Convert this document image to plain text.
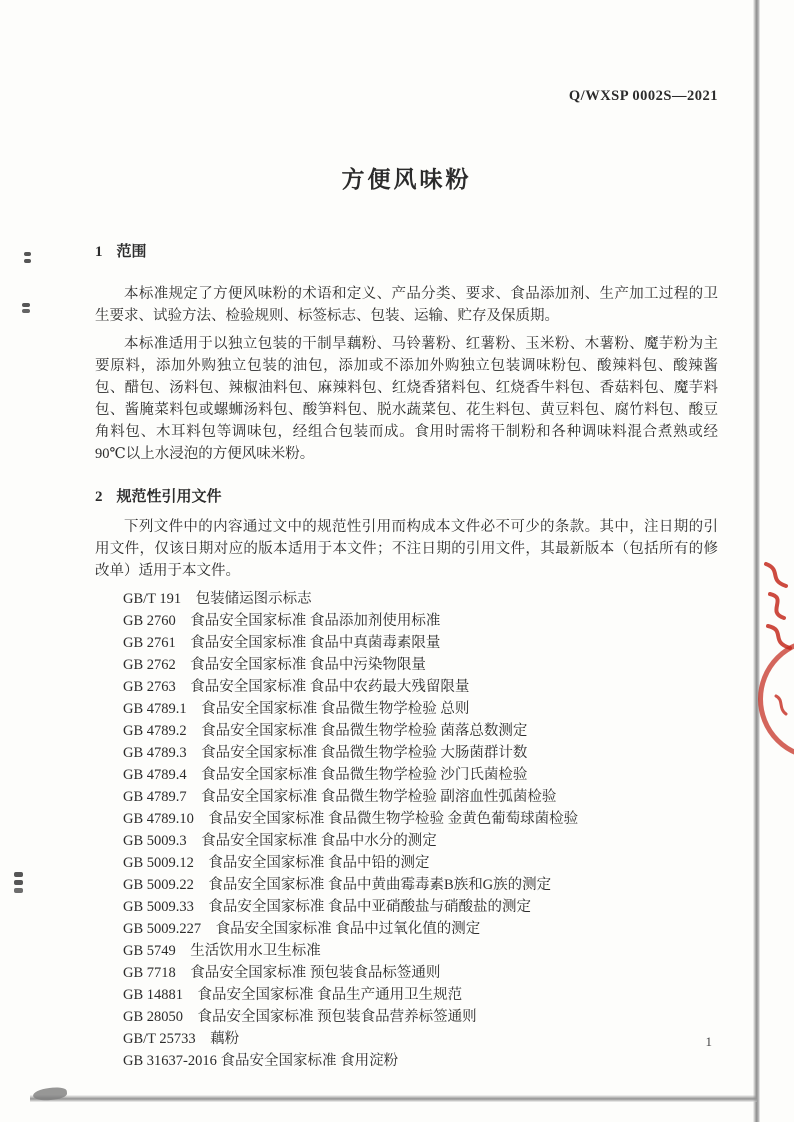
Q/WXSP 0002S—2021
方便风味粉
1 范围

本标准规定了方便风味粉的术语和定义、产品分类、要求、食品添加剂、生产加工过程的卫生要求、试验方法、检验规则、标签标志、包装、运输、贮存及保质期。

本标准适用于以独立包装的干制旱藕粉、马铃薯粉、红薯粉、玉米粉、木薯粉、魔芋粉为主要原料，添加外购独立包装的油包，添加或不添加外购独立包装调味粉包、酸辣料包、酸辣酱包、醋包、汤料包、辣椒油料包、麻辣料包、红烧香猪料包、红烧香牛料包、香菇料包、魔芋料包、酱腌菜料包或螺蛳汤料包、酸笋料包、脱水蔬菜包、花生料包、黄豆料包、腐竹料包、酸豆角料包、木耳料包等调味包，经组合包装而成。食用时需将干制粉和各种调味料混合煮熟或经90℃以上水浸泡的方便风味米粉。

2 规范性引用文件

下列文件中的内容通过文中的规范性引用而构成本文件必不可少的条款。其中，注日期的引用文件，仅该日期对应的版本适用于本文件；不注日期的引用文件，其最新版本（包括所有的修改单）适用于本文件。

GB/T 191　包装储运图示标志
GB 2760　食品安全国家标准 食品添加剂使用标准
GB 2761　食品安全国家标准 食品中真菌毒素限量
GB 2762　食品安全国家标准 食品中污染物限量
GB 2763　食品安全国家标准 食品中农药最大残留限量
GB 4789.1　食品安全国家标准 食品微生物学检验 总则
GB 4789.2　食品安全国家标准 食品微生物学检验 菌落总数测定
GB 4789.3　食品安全国家标准 食品微生物学检验 大肠菌群计数
GB 4789.4　食品安全国家标准 食品微生物学检验 沙门氏菌检验
GB 4789.7　食品安全国家标准 食品微生物学检验 副溶血性弧菌检验
GB 4789.10　食品安全国家标准 食品微生物学检验 金黄色葡萄球菌检验
GB 5009.3　食品安全国家标准 食品中水分的测定
GB 5009.12　食品安全国家标准 食品中铅的测定
GB 5009.22　食品安全国家标准 食品中黄曲霉毒素B族和G族的测定
GB 5009.33　食品安全国家标准 食品中亚硝酸盐与硝酸盐的测定
GB 5009.227　食品安全国家标准 食品中过氧化值的测定
GB 5749　生活饮用水卫生标准
GB 7718　食品安全国家标准 预包装食品标签通则
GB 14881　食品安全国家标准 食品生产通用卫生规范
GB 28050　食品安全国家标准 预包装食品营养标签通则
GB/T 25733　藕粉
GB 31637-2016 食品安全国家标准 食用淀粉
1
